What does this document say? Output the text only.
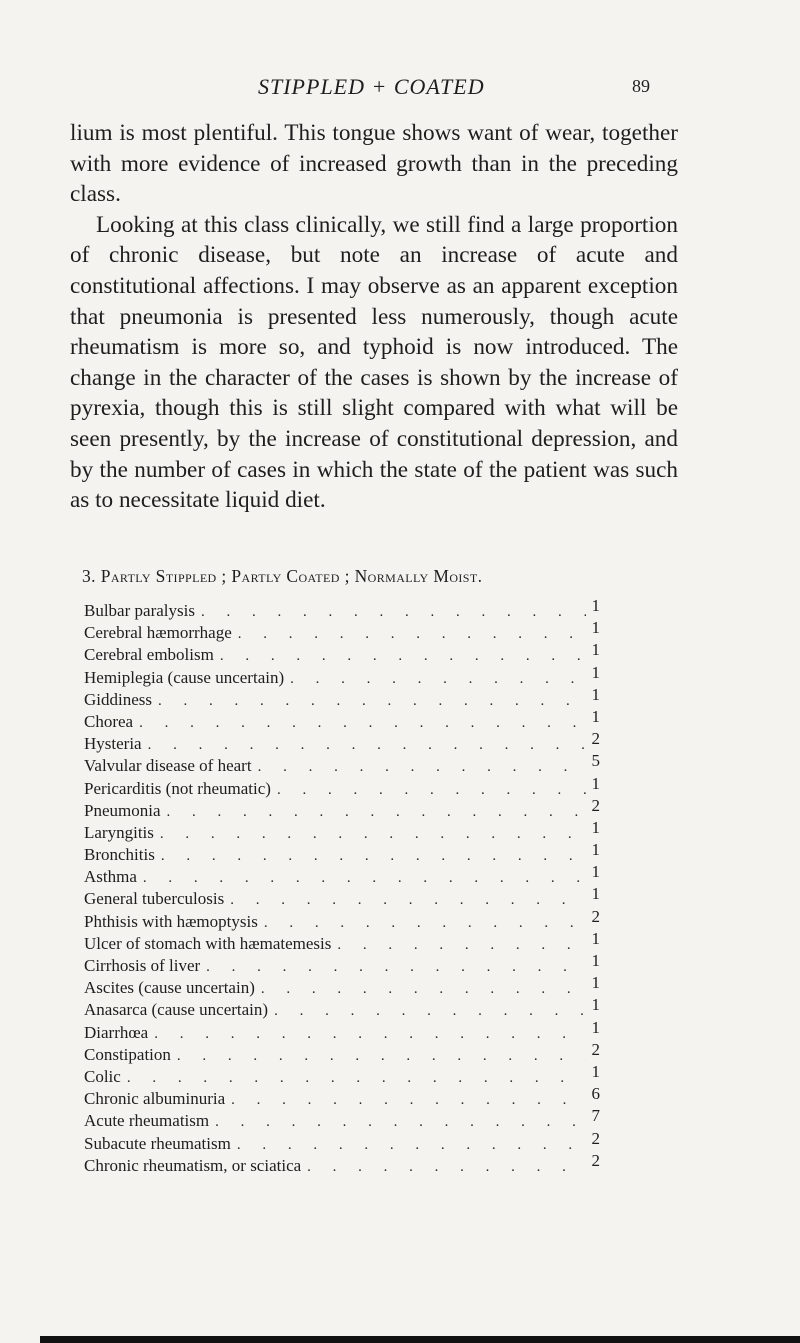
STIPPLED + COATED	89

lium is most plentiful. This tongue shows want of wear, together with more evidence of increased growth than in the preceding class.

Looking at this class clinically, we still find a large proportion of chronic disease, but note an increase of acute and constitutional affections. I may observe as an apparent exception that pneumonia is presented less numerously, though acute rheumatism is more so, and typhoid is now introduced. The change in the character of the cases is shown by the increase of pyrexia, though this is still slight compared with what will be seen presently, by the increase of constitutional depression, and by the number of cases in which the state of the patient was such as to necessitate liquid diet.

3. Partly Stippled ; Partly Coated ; Normally Moist.
Bulbar paralysis . . .	1
Cerebral hæmorrhage . . .	1
Cerebral embolism . . .	1
Hemiplegia (cause uncertain) . . .	1
Giddiness . . .	1
Chorea . . .	1
Hysteria . . .	2
Valvular disease of heart . . .	5
Pericarditis (not rheumatic) . . .	1
Pneumonia . . .	2
Laryngitis . . .	1
Bronchitis . . .	1
Asthma . . .	1
General tuberculosis . . .	1
Phthisis with hæmoptysis . . .	2
Ulcer of stomach with hæmatemesis . . .	1
Cirrhosis of liver . . .	1
Ascites (cause uncertain) . . .	1
Anasarca (cause uncertain) . . .	1
Diarrhœa . . .	1
Constipation . . .	2
Colic . . .	1
Chronic albuminuria . . .	6
Acute rheumatism . . .	7
Subacute rheumatism . . .	2
Chronic rheumatism, or sciatica . . .	2
